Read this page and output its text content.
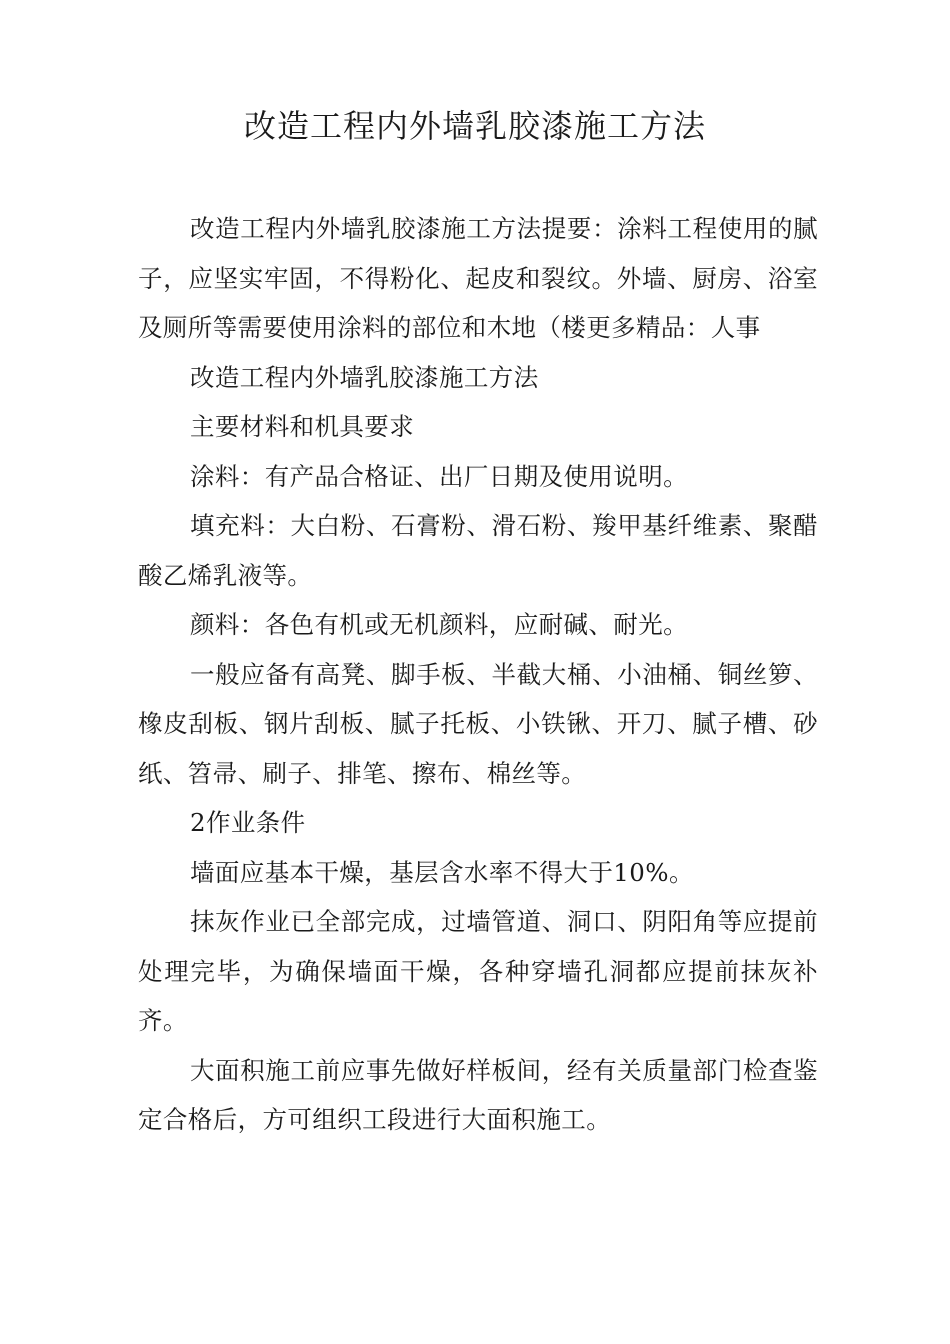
改造工程内外墙乳胶漆施工方法

改造工程内外墙乳胶漆施工方法提要：涂料工程使用的腻子，应坚实牢固，不得粉化、起皮和裂纹。外墙、厨房、浴室及厕所等需要使用涂料的部位和木地（楼更多精品：人事

改造工程内外墙乳胶漆施工方法

主要材料和机具要求

涂料：有产品合格证、出厂日期及使用说明。

填充料：大白粉、石膏粉、滑石粉、羧甲基纤维素、聚醋酸乙烯乳液等。

颜料：各色有机或无机颜料，应耐碱、耐光。

一般应备有高凳、脚手板、半截大桶、小油桶、铜丝箩、橡皮刮板、钢片刮板、腻子托板、小铁锹、开刀、腻子槽、砂纸、笤帚、刷子、排笔、擦布、棉丝等。

2作业条件

墙面应基本干燥，基层含水率不得大于10%。

抹灰作业已全部完成，过墙管道、洞口、阴阳角等应提前处理完毕，为确保墙面干燥，各种穿墙孔洞都应提前抹灰补齐。

大面积施工前应事先做好样板间，经有关质量部门检查鉴定合格后，方可组织工段进行大面积施工。
